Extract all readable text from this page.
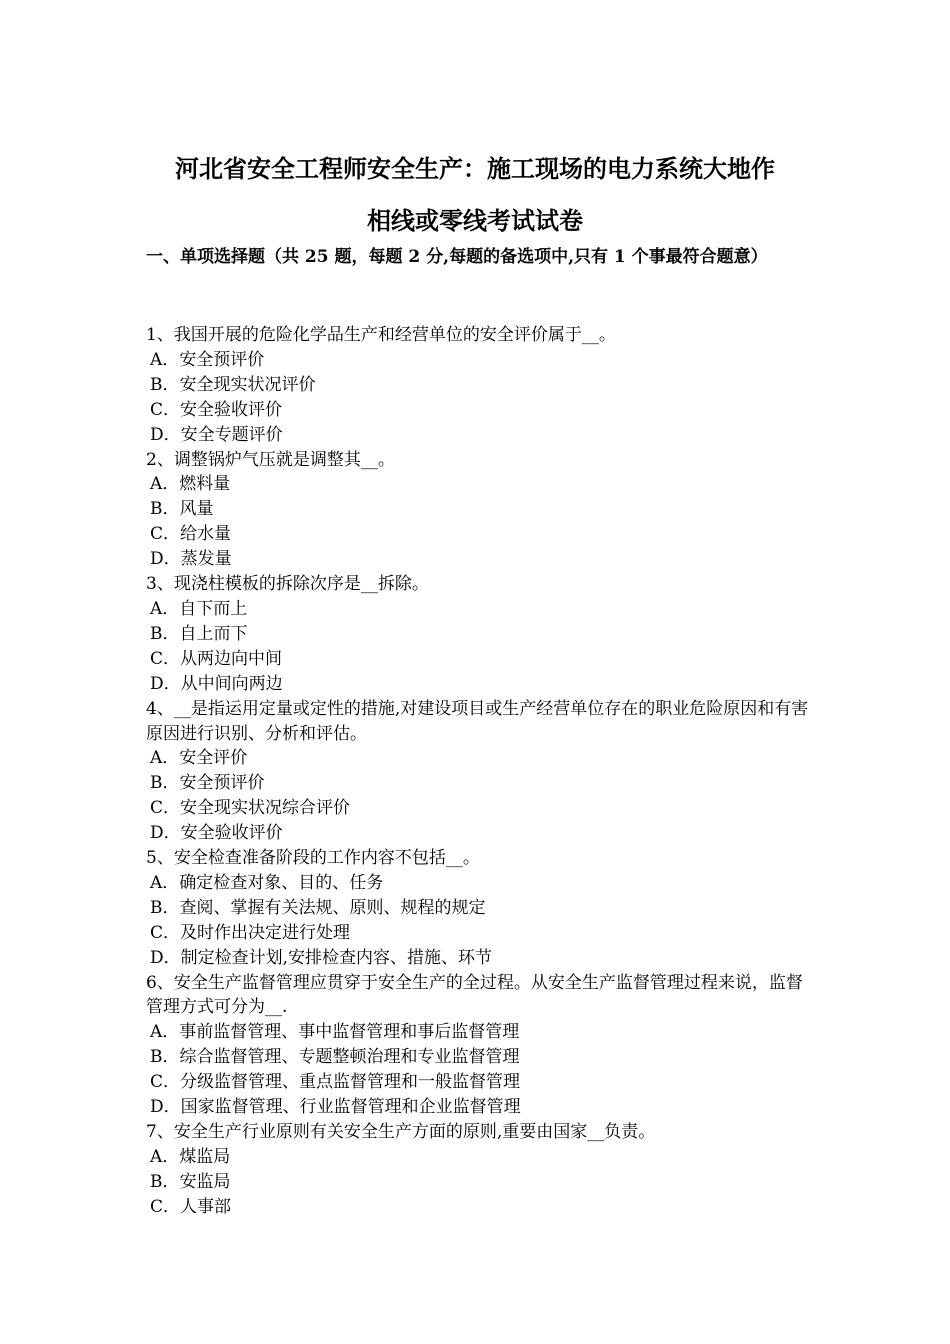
河北省安全工程师安全生产：施工现场的电力系统大地作
相线或零线考试试卷
一、单项选择题（共 25 题，每题 2 分,每题的备选项中,只有 1 个事最符合题意）
1、我国开展的危险化学品生产和经营单位的安全评价属于__。
A．安全预评价
B．安全现实状况评价
C．安全验收评价
D．安全专题评价
2、调整锅炉气压就是调整其__。
A．燃料量
B．风量
C．给水量
D．蒸发量
3、现浇柱模板的拆除次序是__拆除。
A．自下而上
B．自上而下
C．从两边向中间
D．从中间向两边
4、__是指运用定量或定性的措施,对建设项目或生产经营单位存在的职业危险原因和有害原因进行识别、分析和评估。
A．安全评价
B．安全预评价
C．安全现实状况综合评价
D．安全验收评价
5、安全检查准备阶段的工作内容不包括__。
A．确定检查对象、目的、任务
B．查阅、掌握有关法规、原则、规程的规定
C．及时作出决定进行处理
D．制定检查计划,安排检查内容、措施、环节
6、安全生产监督管理应贯穿于安全生产的全过程。从安全生产监督管理过程来说，监督管理方式可分为__.
A．事前监督管理、事中监督管理和事后监督管理
B．综合监督管理、专题整顿治理和专业监督管理
C．分级监督管理、重点监督管理和一般监督管理
D．国家监督管理、行业监督管理和企业监督管理
7、安全生产行业原则有关安全生产方面的原则,重要由国家__负责。
A．煤监局
B．安监局
C．人事部
